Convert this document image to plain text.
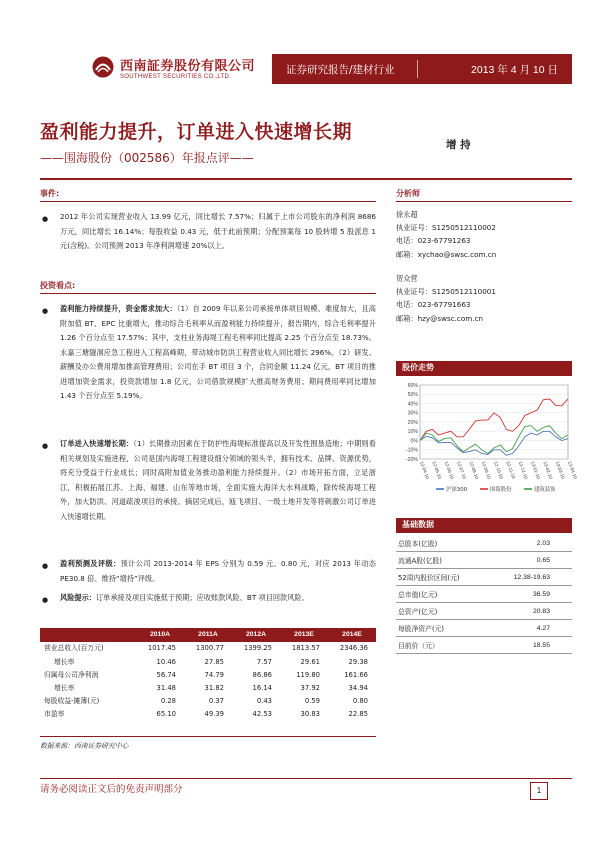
西南証券股份有限公司
SOUTHWEST SECURITIES CO.,LTD.
证券研究报告/建材行业	2013 年 4 月 10 日
盈利能力提升，订单进入快速增长期
——围海股份（002586）年报点评——
增 持
事件:
● 2012 年公司实现营业收入 13.99 亿元，同比增长 7.57%；归属于上市公司股东的净利润 8686 万元，同比增长 16.14%；每股收益 0.43 元，低于此前预期；分配预案每 10 股转增 5 股派息 1 元(含税)。公司预测 2013 年净利润增速 20%以上。
投资看点:
● 盈利能力持续提升，资金需求加大：（1）自 2009 年以来公司承接单体项目规模、难度加大，且高附加值 BT、EPC 比重增大，推动综合毛利率从而盈利能力持续提升，报告期内，综合毛利率提升 1.26 个百分点至 17.57%；其中，支柱业务海堤工程毛利率同比提高 2.25 个百分点至 18.73%。永嘉三塘隧洞应急工程进入工程高峰期，带动城市防洪工程营业收入同比增长 296%。（2）研发、薪酬及办公费用增加推高管理费用；公司在手 BT 项目 3 个，合同金额 11.24 亿元，BT 项目的推进增加资金需求，投资款增加 1.8 亿元，公司借款规模扩大推高财务费用；期间费用率同比增加 1.43 个百分点至 5.19%。
● 订单进入快速增长期：（1）长期推动因素在于防护性海堤标准提高以及开发性围垦造地；中期则看相关规划及实施进程，公司是国内海堤工程建设细分领域的领头羊，拥有技术、品牌、资源优势，将充分受益于行业成长；同时高附加值业务推动盈利能力持续提升。（2）市场开拓方面，立足浙江，积极拓展江苏、上海、福建、山东等地市场，全面实施大海洋大水利战略，除传统海堤工程外，加大防洪、河道疏浚项目的承接。摘居完成后，瓯飞项目、一级土地开发等将刺激公司订单进入快速增长期。
● 盈利预测及评级：预计公司 2013-2014 年 EPS 分别为 0.59 元、0.80 元，对应 2013 年动态 PE30.8 倍、维持“增持”评级。
● 风险提示：订单承接及项目实施低于预期；应收账款风险、BT 项目回款风险。
	2010A	2011A	2012A	2013E	2014E
营业总收入(百万元)	1017.45	1300.77	1399.25	1813.57	2346.36
增长率	10.46	27.85	7.57	29.61	29.38
归属母公司净利润	56.74	74.79	86.86	119.80	161.66
增长率	31.48	31.82	16.14	37.92	34.94
每股收益-摊薄(元)	0.28	0.37	0.43	0.59	0.80
市盈率	65.10	49.39	42.53	30.83	22.85
数据来源：西南证券研究中心
分析师
徐永超
执业证号：S1250512110002
电话：023-67791263
邮箱：xychao@swsc.com.cn
贺众营
执业证号：S1250512110001
电话：023-67791663
邮箱：hzy@swsc.com.cn
股价走势
60%
50%
40%
30%
20%
10%
0%
-10%
-20%
12-04-10 12-05-10 12-06-10 12-07-10 12-08-10 12-09-10 12-10-10 12-11-10 12-12-10 13-01-10 13-02-10 13-03-10 13-04-10
沪深300	围海股份	建筑装饰
基础数据
总股本(亿股)	2.03
流通A股(亿股)	0.65
52周内股价区间(元)	12.38-19.63
总市值(亿元)	36.59
总资产(亿元)	20.83
每股净资产(元)	4.27
目前价（元）	18.55
请务必阅读正文后的免责声明部分	1
